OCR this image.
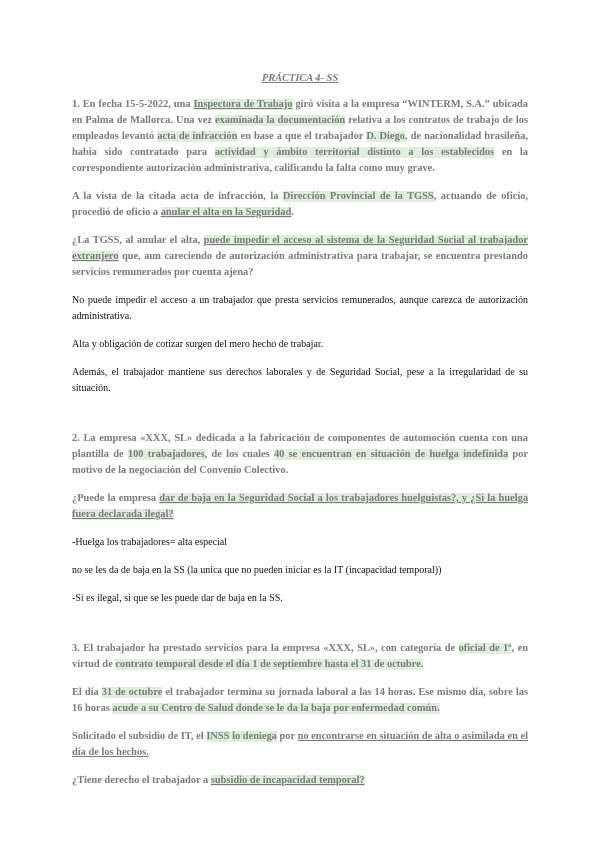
PRÁCTICA 4- SS

1. En fecha 15-5-2022, una Inspectora de Trabajo giró visita a la empresa “WINTERM, S.A.” ubicada en Palma de Mallorca. Una vez examinada la documentación relativa a los contratos de trabajo de los empleados levantó acta de infracción en base a que el trabajador D. Diego, de nacionalidad brasileña, había sido contratado para actividad y ámbito territorial distinto a los establecidos en la correspondiente autorización administrativa, calificando la falta como muy grave.

A la vista de la citada acta de infracción, la Dirección Provincial de la TGSS, actuando de oficio, procedió de oficio a anular el alta en la Seguridad.

¿La TGSS, al anular el alta, puede impedir el acceso al sistema de la Seguridad Social al trabajador extranjero que, aun careciendo de autorización administrativa para trabajar, se encuentra prestando servicios remunerados por cuenta ajena?

No puede impedir el acceso a un trabajador que presta servicios remunerados, aunque carezca de autorización administrativa.

Alta y obligación de cotizar surgen del mero hecho de trabajar.

Además, el trabajador mantiene sus derechos laborales y de Seguridad Social, pese a la irregularidad de su situación.

2. La empresa «XXX, SL» dedicada a la fabricación de componentes de automoción cuenta con una plantilla de 100 trabajadores, de los cuales 40 se encuentran en situación de huelga indefinida por motivo de la negociación del Convenio Colectivo.

¿Puede la empresa dar de baja en la Seguridad Social a los trabajadores huelguistas?, y ¿Si la huelga fuera declarada ilegal?

-Huelga los trabajadores= alta especial

no se les da de baja en la SS (la unica que no pueden iniciar es la IT (incapacidad temporal))

-Si es ilegal, si que se les puede dar de baja en la SS.

3. El trabajador ha prestado servicios para la empresa «XXX, SL», con categoría de oficial de 1ª, en virtud de contrato temporal desde el día 1 de septiembre hasta el 31 de octubre.

El día 31 de octubre el trabajador termina su jornada laboral a las 14 horas. Ese mismo día, sobre las 16 horas acude a su Centro de Salud donde se le da la baja por enfermedad común.

Solicitado el subsidio de IT, el INSS lo deniega por no encontrarse en situación de alta o asimilada en el día de los hechos.

¿Tiene derecho el trabajador a subsidio de incapacidad temporal?
